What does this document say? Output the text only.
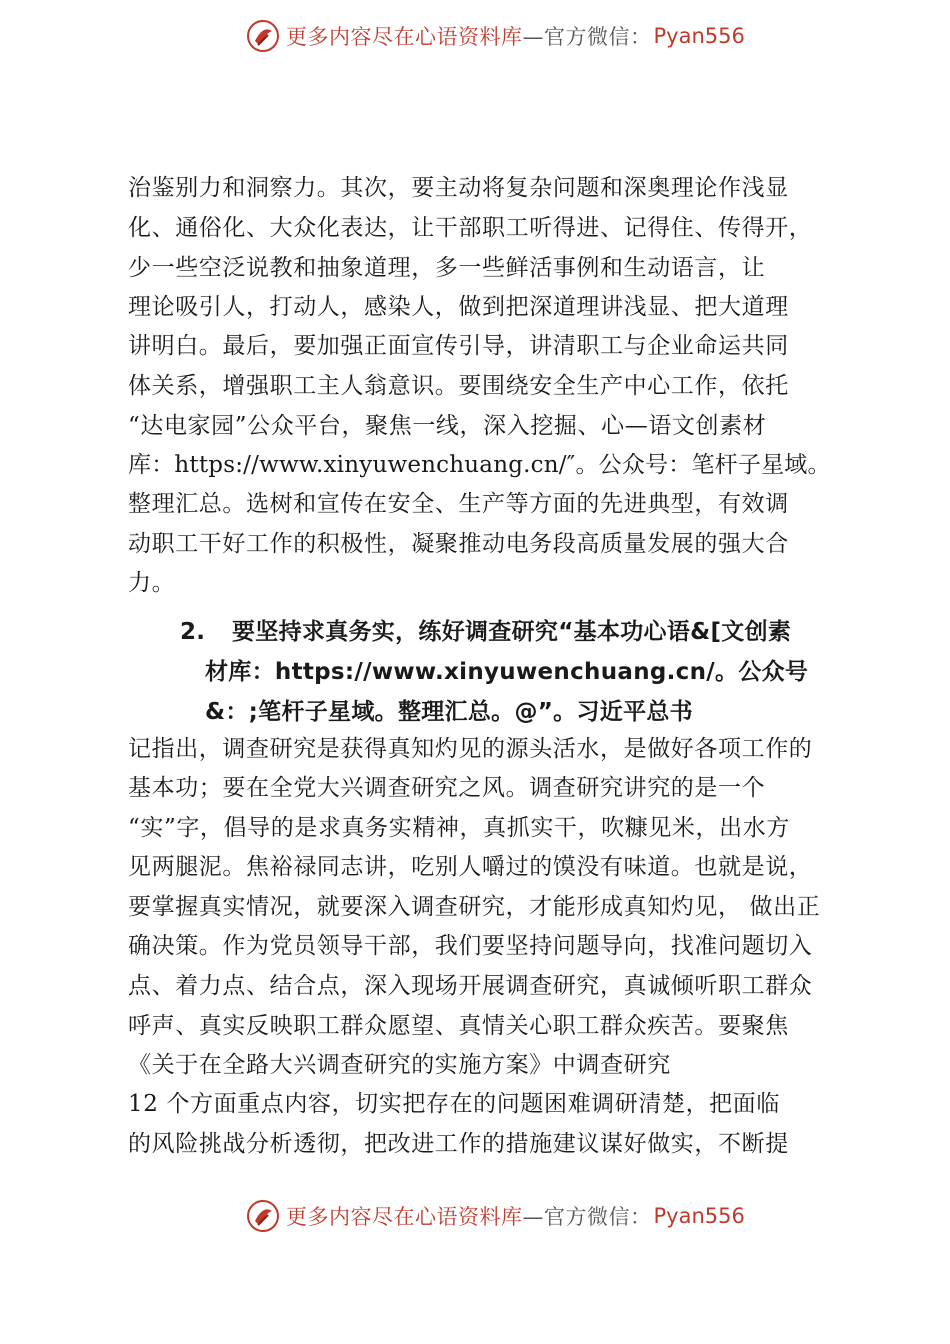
更多内容尽在心语资料库 —官方微信： Pyan556
治鉴别力和洞察力。其次，要主动将复杂问题和深奥理论作浅显
化、通俗化、大众化表达，让干部职工听得进、记得住、传得开，
少一些空泛说教和抽象道理，多一些鲜活事例和生动语言，让
理论吸引人，打动人，感染人，做到把深道理讲浅显、把大道理
讲明白。最后，要加强正面宣传引导，讲清职工与企业命运共同
体关系，增强职工主人翁意识。要围绕安全生产中心工作，依托
“达电家园”公众平台，聚焦一线，深入挖掘、心—语文创素材
库：https://www.xinyuwenchuang.cn/″。公众号：笔杆子星域。
整理汇总。选树和宣传在安全、生产等方面的先进典型，有效调
动职工干好工作的积极性，凝聚推动电务段高质量发展的强大合
力。
2. 要坚持求真务实，练好调查研究“基本功心语&[文创素
材库：https://www.xinyuwenchuang.cn/。公众号
&：;笔杆子星域。整理汇总。@”。习近平总书
记指出，调查研究是获得真知灼见的源头活水，是做好各项工作的
基本功；要在全党大兴调查研究之风。调查研究讲究的是一个
“实”字，倡导的是求真务实精神，真抓实干，吹糠见米，出水方
见两腿泥。焦裕禄同志讲，吃别人嚼过的馍没有味道。也就是说，
要掌握真实情况，就要深入调查研究，才能形成真知灼见， 做出正
确决策。作为党员领导干部，我们要坚持问题导向，找准问题切入
点、着力点、结合点，深入现场开展调查研究，真诚倾听职工群众
呼声、真实反映职工群众愿望、真情关心职工群众疾苦。要聚焦
《关于在全路大兴调查研究的实施方案》中调查研究
12 个方面重点内容，切实把存在的问题困难调研清楚，把面临
的风险挑战分析透彻，把改进工作的措施建议谋好做实，不断提
更多内容尽在心语资料库 —官方微信： Pyan556
